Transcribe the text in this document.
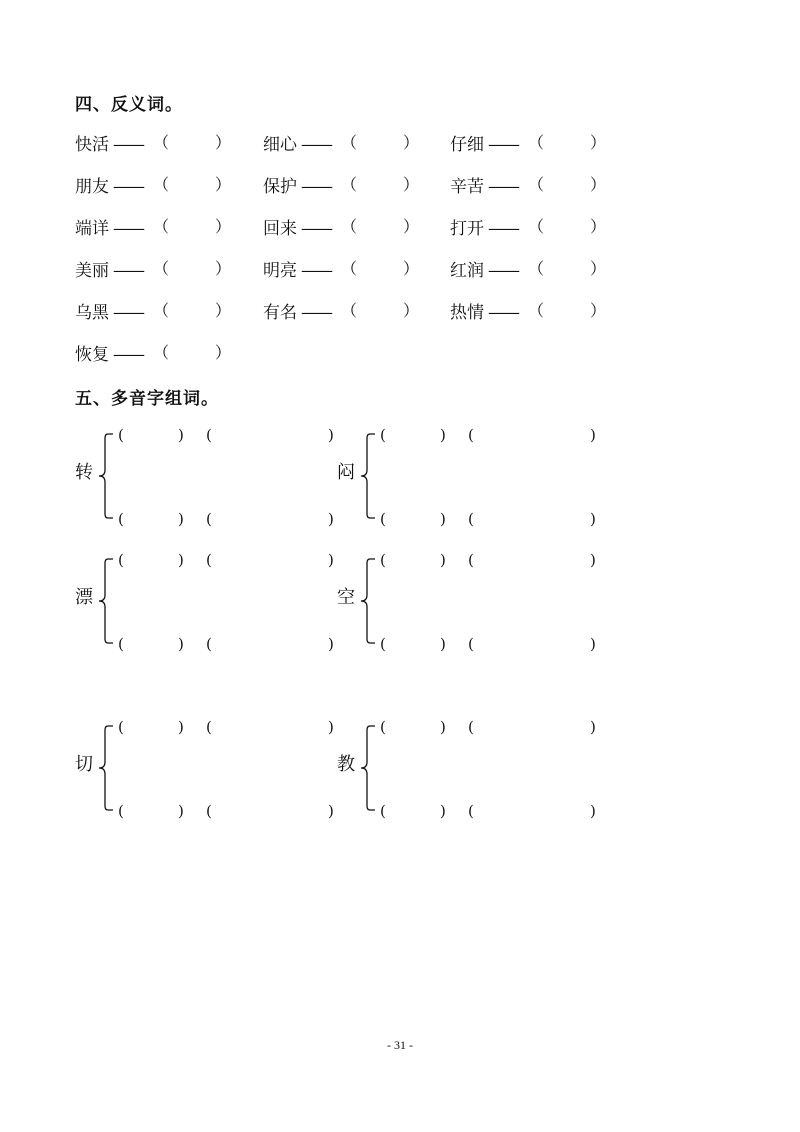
四、反义词。
快活 —— （	） 细心 —— （	） 仔细 —— （	）
朋友 —— （	） 保护 —— （	） 辛苦 —— （	）
端详 —— （	） 回来 —— （	） 打开 —— （	）
美丽 —— （	） 明亮 —— （	） 红润 —— （	）
乌黑 —— （	） 有名 —— （	） 热情 —— （	）
恢复 —— （	）
五、多音字组词。
转
(	) (	)
(	) (	)
闷
(	) (	)
(	) (	)
漂
(	) (	)
(	) (	)
空
(	) (	)
(	) (	)
切
(	) (	)
(	) (	)
教
(	) (	)
(	) (	)
- 31 -
